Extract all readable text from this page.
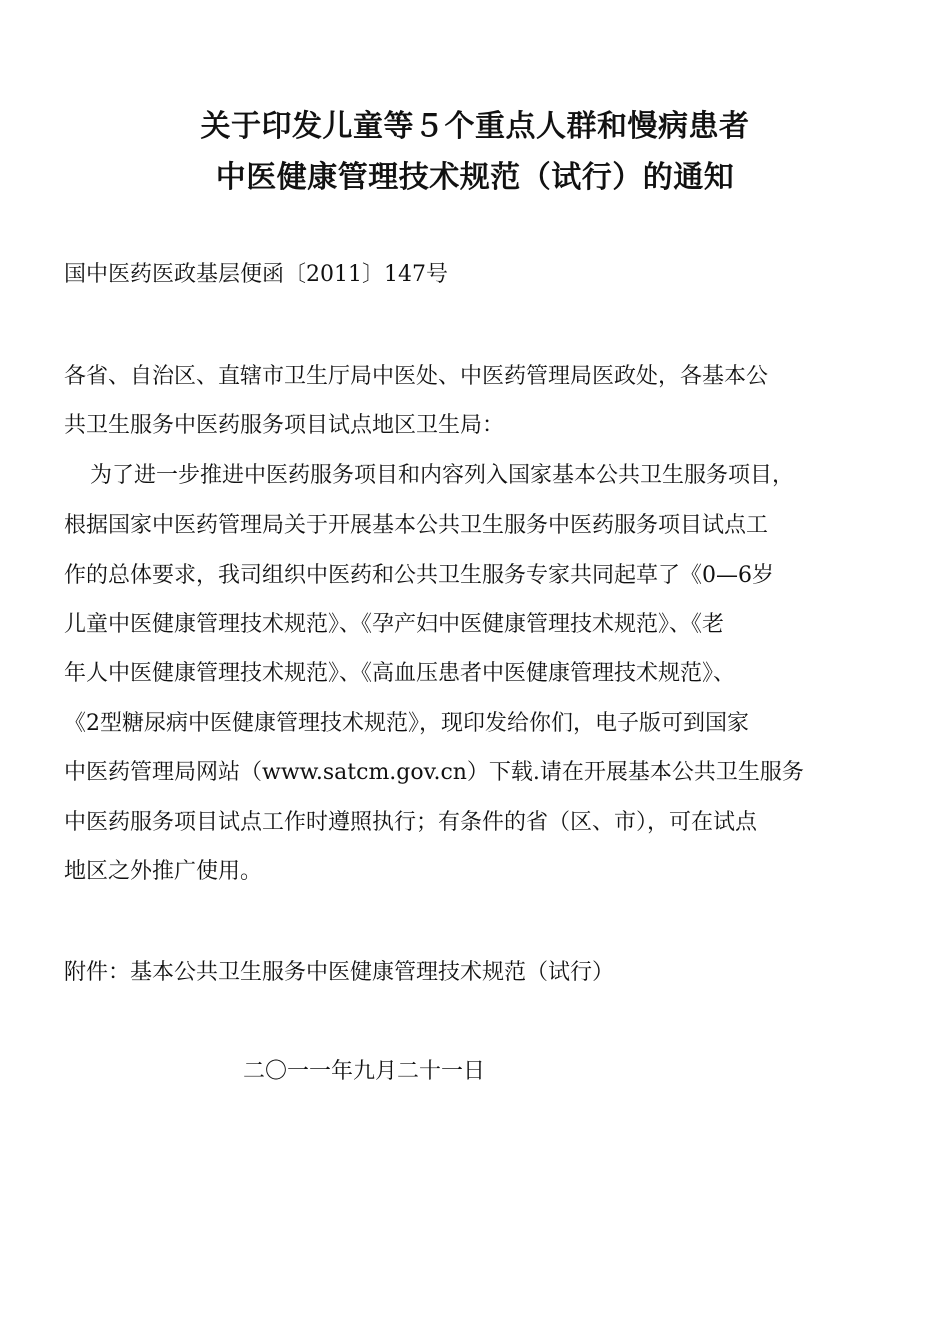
关于印发儿童等５个重点人群和慢病患者
中医健康管理技术规范（试行）的通知
国中医药医政基层便函〔2011〕147号
各省、自治区、直辖市卫生厅局中医处、中医药管理局医政处，各基本公
共卫生服务中医药服务项目试点地区卫生局：
为了进一步推进中医药服务项目和内容列入国家基本公共卫生服务项目，
根据国家中医药管理局关于开展基本公共卫生服务中医药服务项目试点工
作的总体要求，我司组织中医药和公共卫生服务专家共同起草了《0—6岁
儿童中医健康管理技术规范》、《孕产妇中医健康管理技术规范》、《老
年人中医健康管理技术规范》、《高血压患者中医健康管理技术规范》、
《2型糖尿病中医健康管理技术规范》，现印发给你们，电子版可到国家
中医药管理局网站（www.satcm.gov.cn）下载.请在开展基本公共卫生服务
中医药服务项目试点工作时遵照执行；有条件的省（区、市），可在试点
地区之外推广使用。
附件：基本公共卫生服务中医健康管理技术规范（试行）
二〇一一年九月二十一日
